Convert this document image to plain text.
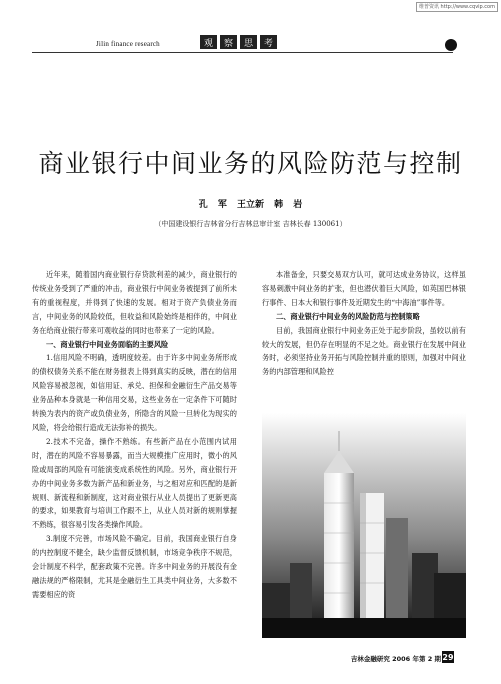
维普资讯 http://www.cqvip.com
Jilin finance research	观	察	思	考
商业银行中间业务的风险防范与控制
孔 军 王立新 韩 岩
（中国建设银行吉林省分行吉林总审计室 吉林长春 130061）

近年来，随着国内商业银行存贷款利差的减少，商业银行的传统业务受到了严重的冲击，商业银行中间业务被提到了前所未有的重视程度，并得到了快速的发展。相对于资产负债业务而言，中间业务的风险较低，但收益和风险始终是相伴的，中间业务在给商业银行带来可观收益的同时也带来了一定的风险。

一、商业银行中间业务面临的主要风险

1.信用风险不明确，透明度较差。由于许多中间业务所形成的债权债务关系不能在财务报表上得到真实的反映，潜在的信用风险容易被忽视，如信用证、承兑、担保和金融衍生产品交易等业务品种本身就是一种信用交易，这些业务在一定条件下可随时转换为表内的资产或负债业务，所隐含的风险一旦转化为现实的风险，将会给银行造成无法弥补的损失。

2.技术不完备，操作不熟练。有些新产品在小范围内试用时，潜在的风险不容易暴露，而当大规模推广应用时，微小的风险或局部的风险有可能演变成系统性的风险。另外，商业银行开办的中间业务多数为新产品和新业务，与之相对应和匹配的是新规则、新流程和新制度，这对商业银行从业人员提出了更新更高的要求，如果教育与培训工作跟不上，从业人员对新的规则掌握不熟练，很容易引发各类操作风险。

3.制度不完善，市场风险不确定。目前，我国商业银行自身的内控制度不健全，缺少监督反馈机制，市场竞争秩序不规范，会计制度不科学，配套政策不完善。许多中间业务的开展没有金融法规的严格限制，尤其是金融衍生工具类中间业务，大多数不需要相应的资

本准备金，只要交易双方认可，就可达成业务协议，这样虽容易刺激中间业务的扩张，但也潜伏着巨大风险，如英国巴林银行事件、日本大和银行事件及近期发生的“中海油”事件等。

二、商业银行中间业务的风险防范与控制策略

目前，我国商业银行中间业务正处于起步阶段，虽较以前有较大的发展，但仍存在明显的不足之处。商业银行在发展中间业务时，必须坚持业务开拓与风险控制并重的原则，加强对中间业务的内部管理和风险控

吉林金融研究 2006 年第 2 期 29
